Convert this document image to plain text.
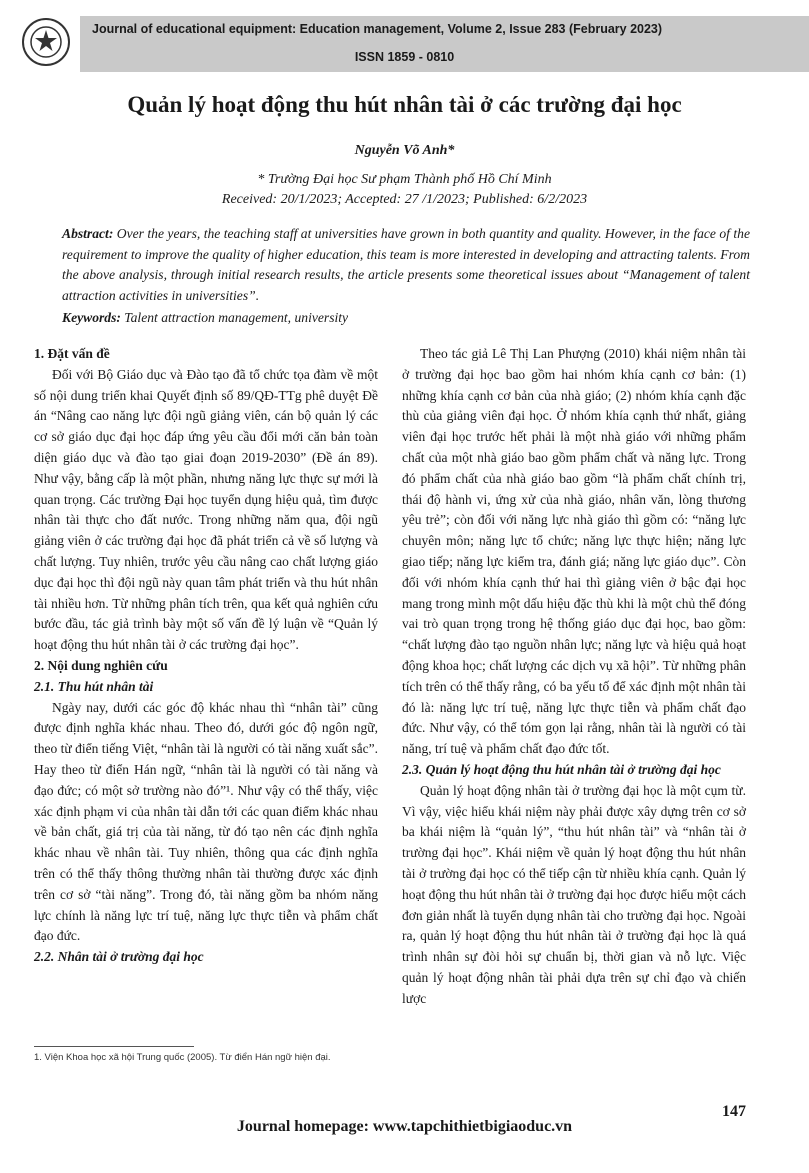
Journal of educational equipment: Education management, Volume 2, Issue 283 (February 2023)
ISSN 1859 - 0810
Quản lý hoạt động thu hút nhân tài ở các trường đại học
Nguyễn Võ Anh*
* Trường Đại học Sư phạm Thành phố Hồ Chí Minh
Received: 20/1/2023; Accepted: 27 /1/2023; Published: 6/2/2023
Abstract: Over the years, the teaching staff at universities have grown in both quantity and quality. However, in the face of the requirement to improve the quality of higher education, this team is more interested in developing and attracting talents. From the above analysis, through initial research results, the article presents some theoretical issues about “Management of talent attraction activities in universities”.
Keywords: Talent attraction management, university
1. Đặt vấn đề

Đối với Bộ Giáo dục và Đào tạo đã tổ chức tọa đàm về một số nội dung triển khai Quyết định số 89/QĐ-TTg phê duyệt Đề án “Nâng cao năng lực đội ngũ giảng viên, cán bộ quản lý các cơ sở giáo dục đại học đáp ứng yêu cầu đổi mới căn bản toàn diện giáo dục và đào tạo giai đoạn 2019-2030” (Đề án 89). Như vậy, bằng cấp là một phần, nhưng năng lực thực sự mới là quan trọng. Các trường Đại học tuyển dụng hiệu quả, tìm được nhân tài thực cho đất nước. Trong những năm qua, đội ngũ giảng viên ở các trường đại học đã phát triển cả về số lượng và chất lượng. Tuy nhiên, trước yêu cầu nâng cao chất lượng giáo dục đại học thì đội ngũ này quan tâm phát triển và thu hút nhân tài nhiều hơn. Từ những phân tích trên, qua kết quả nghiên cứu bước đầu, tác giả trình bày một số vấn đề lý luận về “Quản lý hoạt động thu hút nhân tài ở các trường đại học”.

2. Nội dung nghiên cứu
2.1. Thu hút nhân tài

Ngày nay, dưới các góc độ khác nhau thì “nhân tài” cũng được định nghĩa khác nhau. Theo đó, dưới góc độ ngôn ngữ, theo từ điển tiếng Việt, “nhân tài là người có tài năng xuất sắc”. Hay theo từ điển Hán ngữ, “nhân tài là người có tài năng và đạo đức; có một sở trường nào đó”¹. Như vậy có thể thấy, việc xác định phạm vi của nhân tài dẫn tới các quan điểm khác nhau về bản chất, giá trị của tài năng, từ đó tạo nên các định nghĩa khác nhau về nhân tài. Tuy nhiên, thông qua các định nghĩa trên có thể thấy thông thường nhân tài thường được xác định trên cơ sở “tài năng”. Trong đó, tài năng gồm ba nhóm năng lực chính là năng lực trí tuệ, năng lực thực tiễn và phẩm chất đạo đức.

2.2. Nhân tài ở trường đại học
1. Viện Khoa học xã hội Trung quốc (2005). Từ điển Hán ngữ hiện đại.

Theo tác giả Lê Thị Lan Phượng (2010) khái niệm nhân tài ở trường đại học bao gồm hai nhóm khía cạnh cơ bản: (1) những khía cạnh cơ bản của nhà giáo; (2) nhóm khía cạnh đặc thù của giảng viên đại học. Ở nhóm khía cạnh thứ nhất, giảng viên đại học trước hết phải là một nhà giáo với những phẩm chất của một nhà giáo bao gồm phẩm chất và năng lực. Trong đó phẩm chất của nhà giáo bao gồm “là phẩm chất chính trị, thái độ hành vi, ứng xử của nhà giáo, nhân văn, lòng thương yêu trẻ”; còn đối với năng lực nhà giáo thì gồm có: “năng lực chuyên môn; năng lực tổ chức; năng lực thực hiện; năng lực giao tiếp; năng lực kiểm tra, đánh giá; năng lực giáo dục”. Còn đối với nhóm khía cạnh thứ hai thì giảng viên ở bậc đại học mang trong mình một dấu hiệu đặc thù khi là một chủ thể đóng vai trò quan trọng trong hệ thống giáo dục đại học, bao gồm: “chất lượng đào tạo nguồn nhân lực; năng lực và hiệu quả hoạt động khoa học; chất lượng các dịch vụ xã hội”. Từ những phân tích trên có thể thấy rằng, có ba yếu tố để xác định một nhân tài đó là: năng lực trí tuệ, năng lực thực tiễn và phẩm chất đạo đức. Như vậy, có thể tóm gọn lại rằng, nhân tài là người có tài năng, trí tuệ và phẩm chất đạo đức tốt.

2.3. Quản lý hoạt động thu hút nhân tài ở trường đại học

Quản lý hoạt động nhân tài ở trường đại học là một cụm từ. Vì vậy, việc hiểu khái niệm này phải được xây dựng trên cơ sở ba khái niệm là “quản lý”, “thu hút nhân tài” và “nhân tài ở trường đại học”. Khái niệm về quản lý hoạt động thu hút nhân tài ở trường đại học có thể tiếp cận từ nhiều khía cạnh. Quản lý hoạt động thu hút nhân tài ở trường đại học được hiểu một cách đơn giản nhất là tuyển dụng nhân tài cho trường đại học. Ngoài ra, quản lý hoạt động thu hút nhân tài ở trường đại học là quá trình nhân sự đòi hỏi sự chuẩn bị, thời gian và nỗ lực. Việc quản lý hoạt động nhân tài phải dựa trên sự chỉ đạo và chiến lược

147
Journal homepage: www.tapchithietbigiaoduc.vn
